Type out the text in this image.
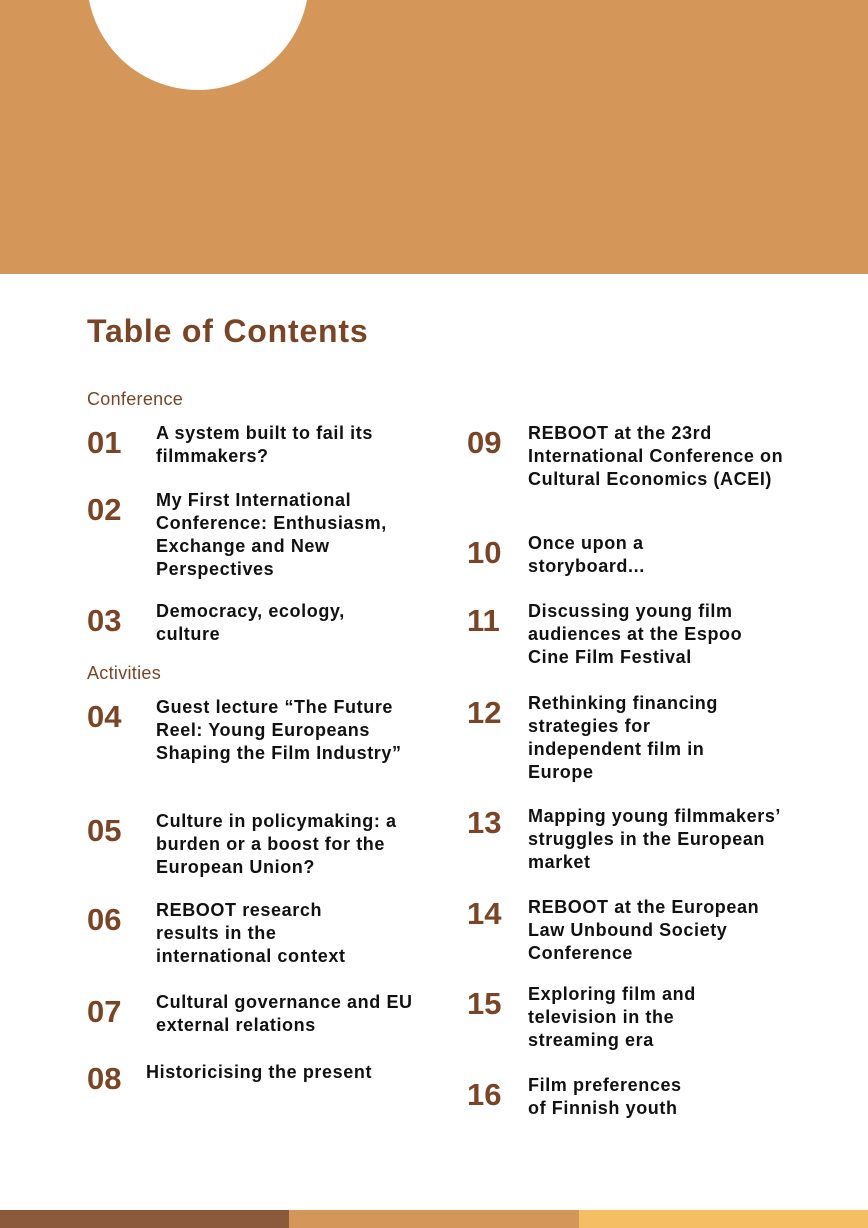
Table of Contents
Conference
Activities
01 A system built to fail its filmmakers?
02 My First International Conference: Enthusiasm, Exchange and New Perspectives
03 Democracy, ecology, culture
04 Guest lecture “The Future Reel: Young Europeans Shaping the Film Industry”
05 Culture in policymaking: a burden or a boost for the European Union?
06 REBOOT research results in the international context
07 Cultural governance and EU external relations
08 Historicising the present
09 REBOOT at the 23rd International Conference on Cultural Economics (ACEI)
10 Once upon a storyboard...
11 Discussing young film audiences at the Espoo Cine Film Festival
12 Rethinking financing strategies for independent film in Europe
13 Mapping young filmmakers’ struggles in the European market
14 REBOOT at the European Law Unbound Society Conference
15 Exploring film and television in the streaming era
16 Film preferences of Finnish youth
